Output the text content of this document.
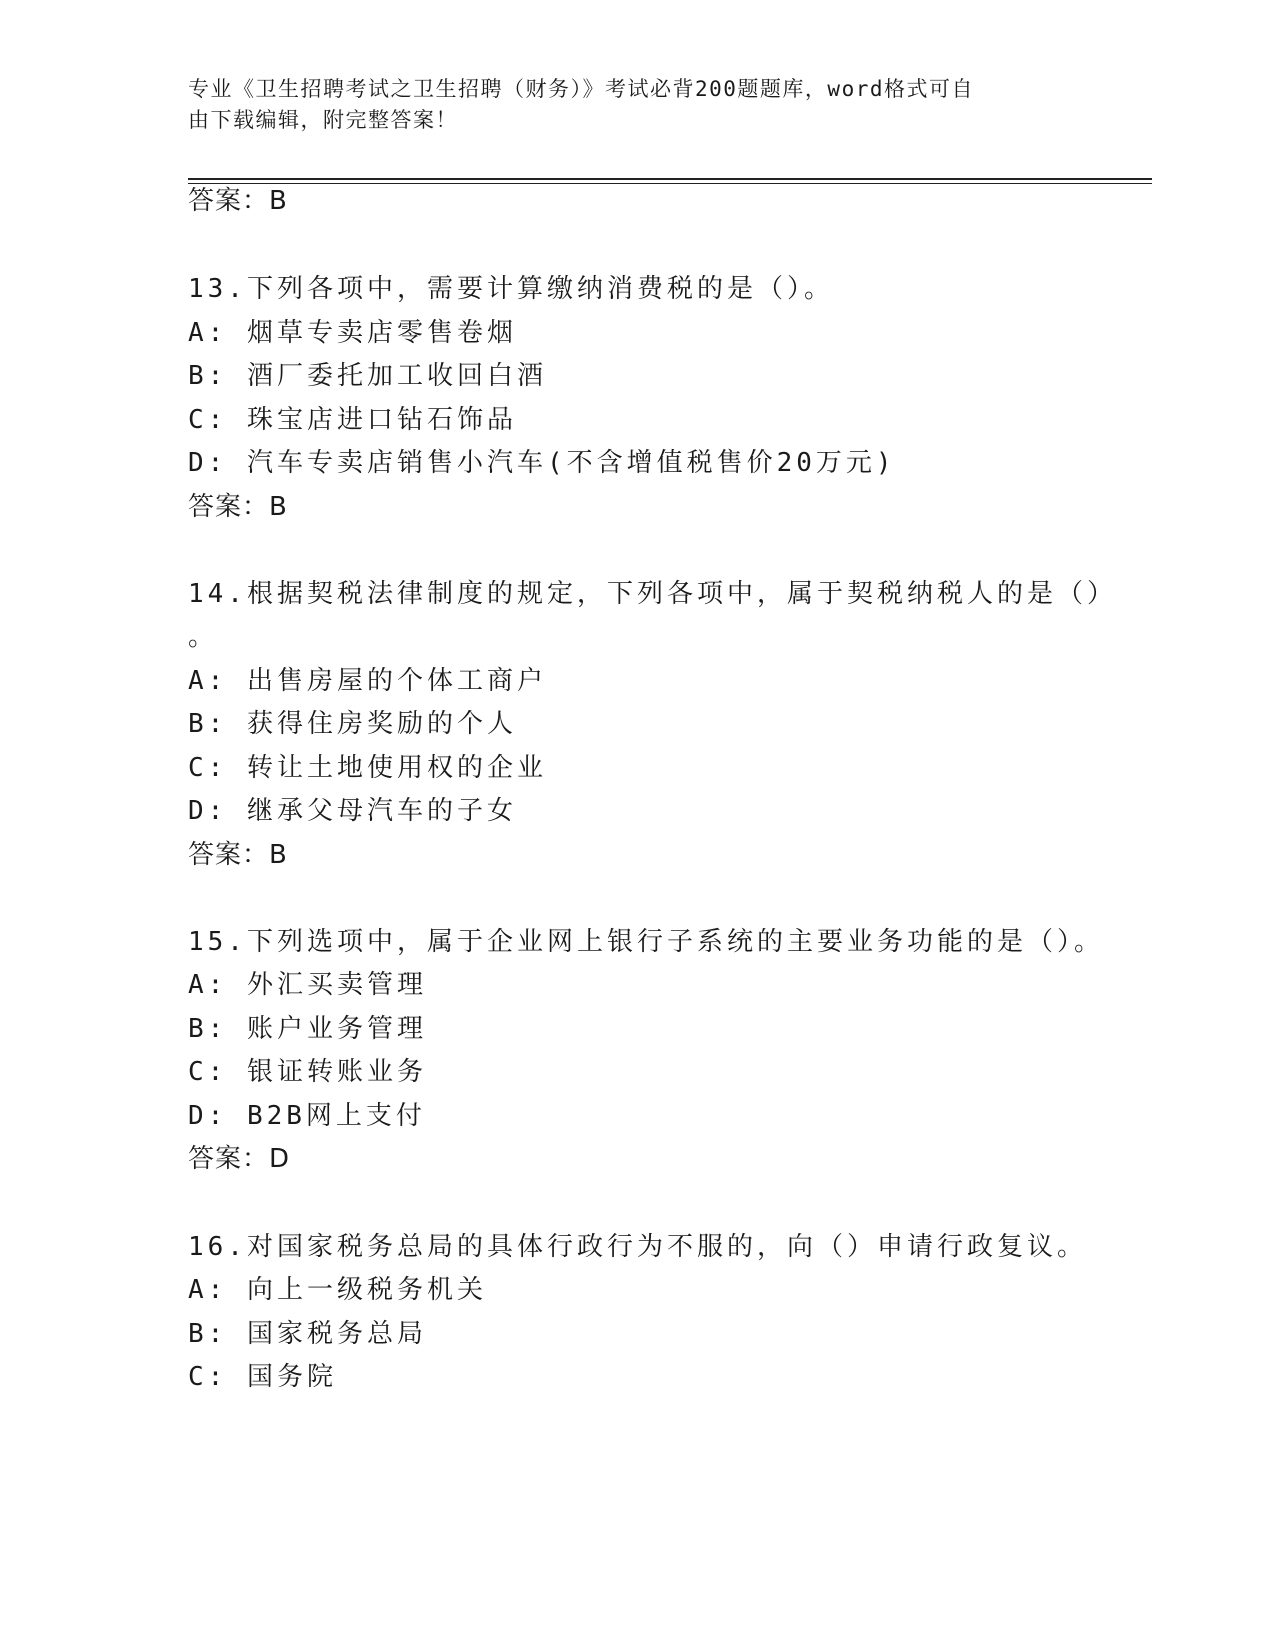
专业《卫生招聘考试之卫生招聘（财务）》考试必背200题题库，word格式可自
由下载编辑，附完整答案！
答案：B
13.下列各项中，需要计算缴纳消费税的是（）。
A: 烟草专卖店零售卷烟
B: 酒厂委托加工收回白酒
C: 珠宝店进口钻石饰品
D: 汽车专卖店销售小汽车(不含增值税售价20万元)
答案：B
14.根据契税法律制度的规定，下列各项中，属于契税纳税人的是（）
。
A: 出售房屋的个体工商户
B: 获得住房奖励的个人
C: 转让土地使用权的企业
D: 继承父母汽车的子女
答案：B
15.下列选项中，属于企业网上银行子系统的主要业务功能的是（）。
A: 外汇买卖管理
B: 账户业务管理
C: 银证转账业务
D: B2B网上支付
答案：D
16.对国家税务总局的具体行政行为不服的，向（）申请行政复议。
A: 向上一级税务机关
B: 国家税务总局
C: 国务院
